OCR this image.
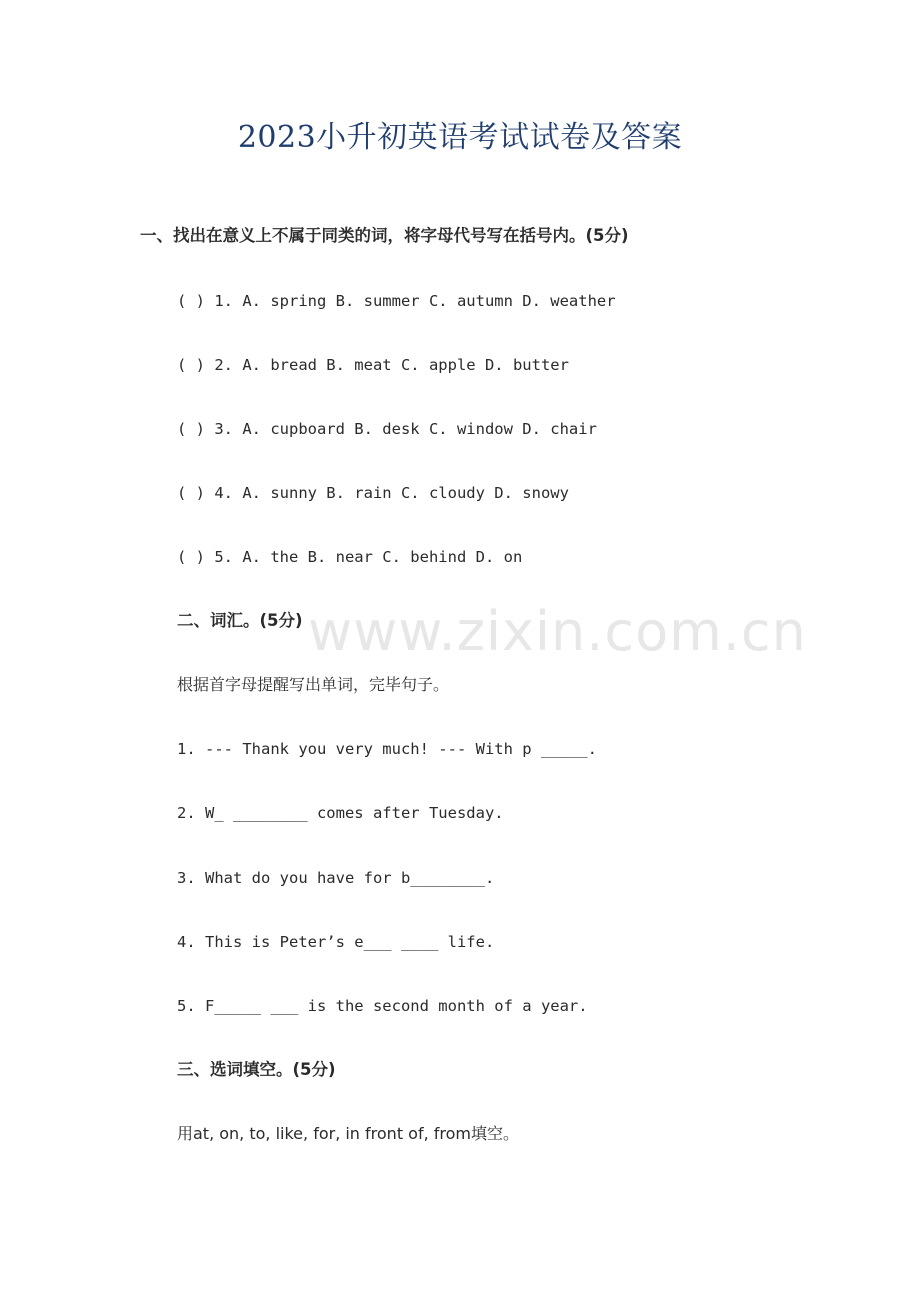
2023小升初英语考试试卷及答案
一、找出在意义上不属于同类的词，将字母代号写在括号内。(5分)
( ) 1. A. spring B. summer C. autumn D. weather
( ) 2. A. bread B. meat C. apple D. butter
( ) 3. A. cupboard B. desk C. window D. chair
( ) 4. A. sunny B. rain C. cloudy D. snowy
( ) 5. A. the B. near C. behind D. on
二、词汇。(5分)
根据首字母提醒写出单词，完毕句子。
1. --- Thank you very much! --- With p _____.
2. W_ ________ comes after Tuesday.
3. What do you have for b________.
4. This is Peter’s e___ ____ life.
5. F_____ ___ is the second month of a year.
三、选词填空。(5分)
用at, on, to, like, for, in front of, from填空。
www.zixin.com.cn
